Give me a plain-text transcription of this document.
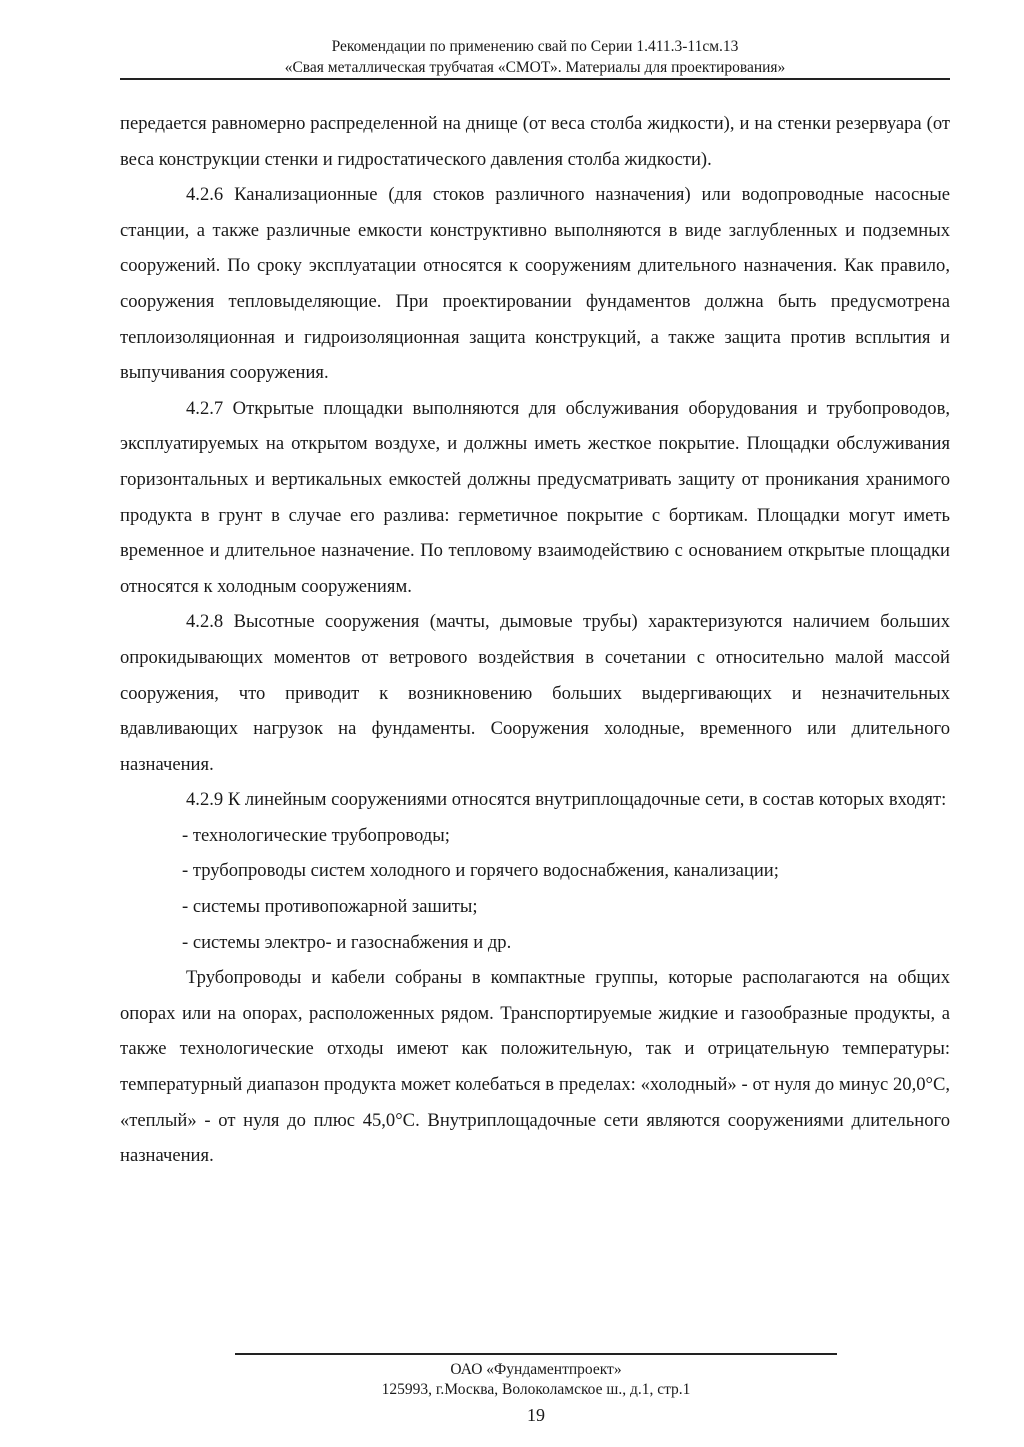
Рекомендации по применению свай по Серии 1.411.3-11см.13
«Свая металлическая трубчатая «СМОТ». Материалы для проектирования»

передается равномерно распределенной на днище (от веса столба жидкости), и на стенки резервуара (от веса конструкции стенки и гидростатического давления столба жидкости).

4.2.6 Канализационные (для стоков различного назначения) или водопроводные насосные станции, а также различные емкости конструктивно выполняются в виде заглубленных и подземных сооружений. По сроку эксплуатации относятся к сооружениям длительного назначения. Как правило, сооружения тепловыделяющие. При проектировании фундаментов должна быть предусмотрена теплоизоляционная и гидроизоляционная защита конструкций, а также защита против всплытия и выпучивания сооружения.

4.2.7 Открытые площадки выполняются для обслуживания оборудования и трубопроводов, эксплуатируемых на открытом воздухе, и должны иметь жесткое покрытие. Площадки обслуживания горизонтальных и вертикальных емкостей должны предусматривать защиту от проникания хранимого продукта в грунт в случае его разлива: герметичное покрытие с бортикам. Площадки могут иметь временное и длительное назначение. По тепловому взаимодействию с основанием открытые площадки относятся к холодным сооружениям.

4.2.8 Высотные сооружения (мачты, дымовые трубы) характеризуются наличием больших опрокидывающих моментов от ветрового воздействия в сочетании с относительно малой массой сооружения, что приводит к возникновению больших выдергивающих и незначительных вдавливающих нагрузок на фундаменты. Сооружения холодные, временного или длительного назначения.

4.2.9 К линейным сооружениями относятся внутриплощадочные сети, в состав которых входят:

- технологические трубопроводы;

- трубопроводы систем холодного и горячего водоснабжения, канализации;

- системы противопожарной зашиты;

- системы электро- и газоснабжения и др.

Трубопроводы и кабели собраны в компактные группы, которые располагаются на общих опорах или на опорах, расположенных рядом. Транспортируемые жидкие и газообразные продукты, а также технологические отходы имеют как положительную, так и отрицательную температуры: температурный диапазон продукта может колебаться в пределах: «холодный» - от нуля до минус 20,0°С, «теплый» - от нуля до плюс 45,0°С. Внутриплощадочные сети являются сооружениями длительного назначения.

ОАО «Фундаментпроект»
125993, г.Москва, Волоколамское ш., д.1, стр.1
19
